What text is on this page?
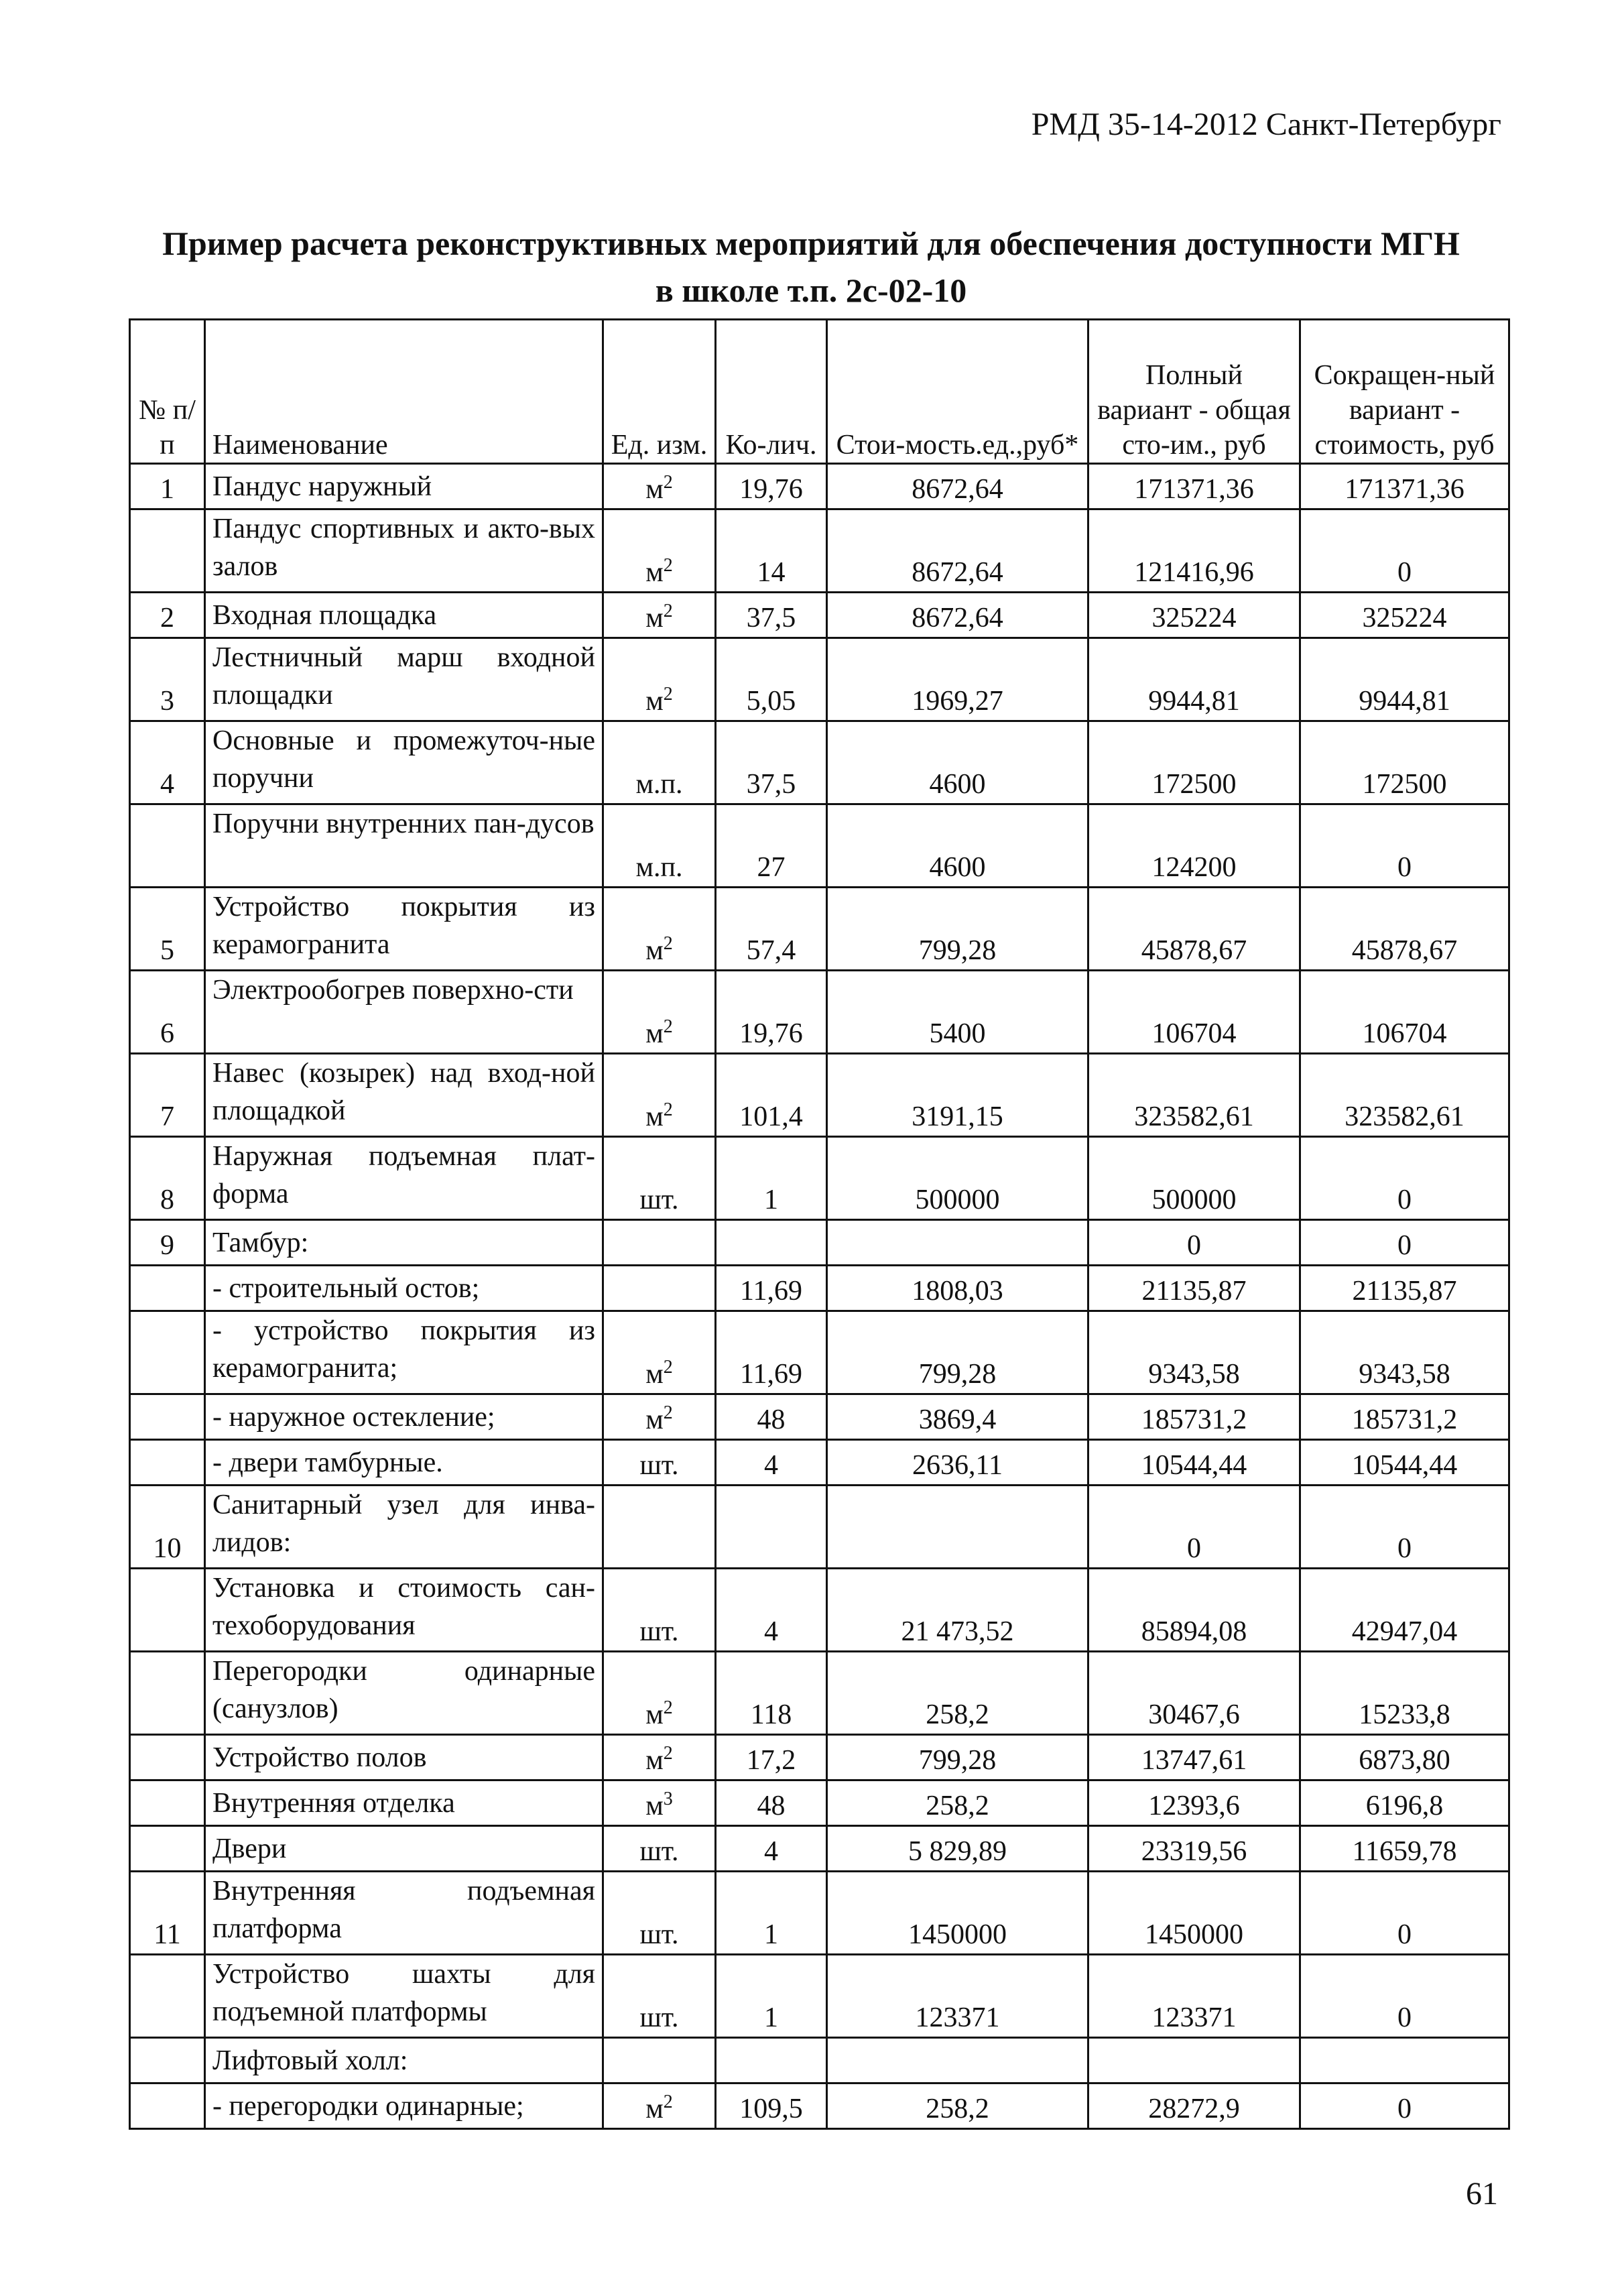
РМД 35-14-2012 Санкт-Петербург
Пример расчета реконструктивных мероприятий для обеспечения доступности МГН
в школе т.п. 2с-02-10
№ п/п	Наименование	Ед. изм.	Ко-лич.	Стои-мость.ед.,руб*	Полный вариант - общая сто-им., руб	Сокращен-ный вариант - стоимость, руб
1	Пандус наружный	$м^2$	19,76	8672,64	171371,36	171371,36
	Пандус спортивных и акто-вых залов	$м^2$	14	8672,64	121416,96	0
2	Входная площадка	$м^2$	37,5	8672,64	325224	325224
3	Лестничный марш входной площадки	$м^2$	5,05	1969,27	9944,81	9944,81
4	Основные и промежуточ-ные поручни	м.п.	37,5	4600	172500	172500
	Поручни внутренних пан-дусов	м.п.	27	4600	124200	0
5	Устройство покрытия из керамогранита	$м^2$	57,4	799,28	45878,67	45878,67
6	Электрообогрев поверхно-сти	$м^2$	19,76	5400	106704	106704
7	Навес (козырек) над вход-ной площадкой	$м^2$	101,4	3191,15	323582,61	323582,61
8	Наружная подъемная плат-форма	шт.	1	500000	500000	0
9	Тамбур:				0	0
	- строительный остов;		11,69	1808,03	21135,87	21135,87
	- устройство покрытия из керамогранита;	$м^2$	11,69	799,28	9343,58	9343,58
	- наружное остекление;	$м^2$	48	3869,4	185731,2	185731,2
	- двери тамбурные.	шт.	4	2636,11	10544,44	10544,44
10	Санитарный узел для инва-лидов:				0	0
	Установка и стоимость сан-техоборудования	шт.	4	21 473,52	85894,08	42947,04
	Перегородки одинарные (санузлов)	$м^2$	118	258,2	30467,6	15233,8
	Устройство полов	$м^2$	17,2	799,28	13747,61	6873,80
	Внутренняя отделка	$м^3$	48	258,2	12393,6	6196,8
	Двери	шт.	4	5 829,89	23319,56	11659,78
11	Внутренняя подъемная платформа	шт.	1	1450000	1450000	0
	Устройство шахты для подъемной платформы	шт.	1	123371	123371	0
	Лифтовый холл:					
	- перегородки одинарные;	$м^2$	109,5	258,2	28272,9	0
61
